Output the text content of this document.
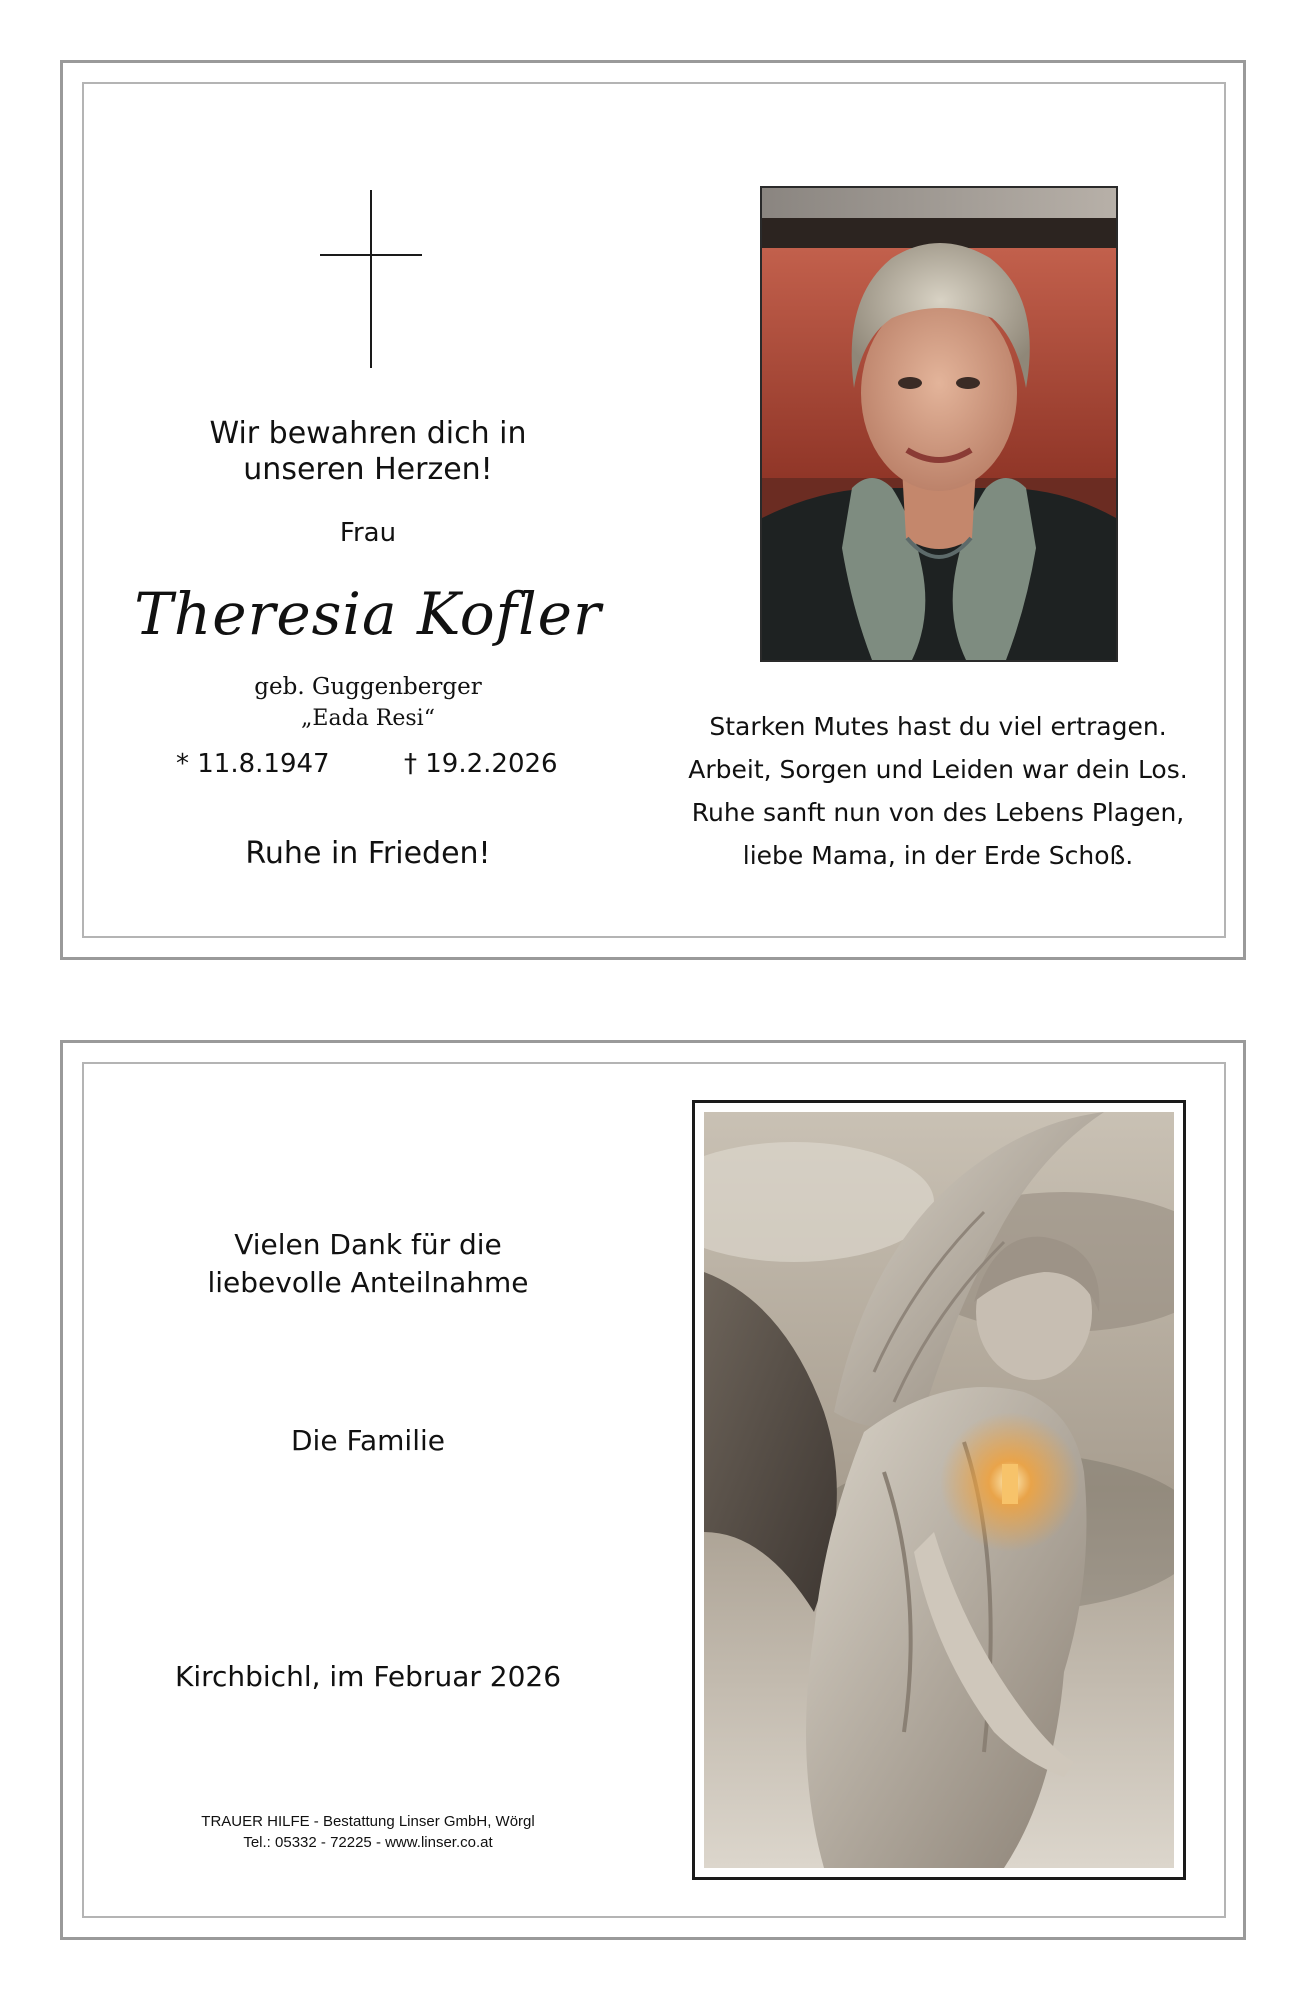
Wir bewahren dich in
unseren Herzen!
Frau
Theresia Kofler
geb. Guggenberger
„Eada Resi“
* 11.8.1947	† 19.2.2026
Ruhe in Frieden!
Starken Mutes hast du viel ertragen.
Arbeit, Sorgen und Leiden war dein Los.
Ruhe sanft nun von des Lebens Plagen,
liebe Mama, in der Erde Schoß.
Vielen Dank für die
liebevolle Anteilnahme
Die Familie
Kirchbichl, im Februar 2026
TRAUER HILFE - Bestattung Linser GmbH, Wörgl
Tel.: 05332 - 72225 - www.linser.co.at
